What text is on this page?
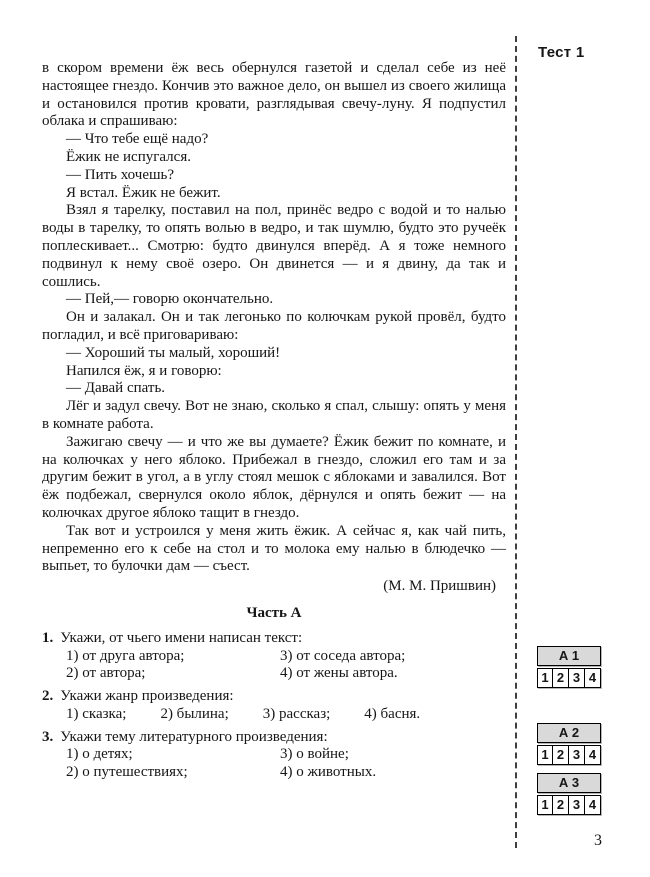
Тест 1

в скором времени ёж весь обернулся газетой и сделал себе из неё настоящее гнездо. Кончив это важное дело, он вышел из своего жилища и остановился против кровати, разглядывая свечу-луну. Я подпустил облака и спрашиваю:

— Что тебе ещё надо?

Ёжик не испугался.

— Пить хочешь?

Я встал. Ёжик не бежит.

Взял я тарелку, поставил на пол, принёс ведро с водой и то налью воды в тарелку, то опять волью в ведро, и так шумлю, будто это ручеёк поплескивает... Смотрю: будто двинулся вперёд. А я тоже немного подвинул к нему своё озеро. Он двинется — и я двину, да так и сошлись.

— Пей,— говорю окончательно.

Он и залакал. Он и так легонько по колючкам рукой провёл, будто погладил, и всё приговариваю:

— Хороший ты малый, хороший!

Напился ёж, я и говорю:

— Давай спать.

Лёг и задул свечу. Вот не знаю, сколько я спал, слышу: опять у меня в комнате работа.

Зажигаю свечу — и что же вы думаете? Ёжик бежит по комнате, и на колючках у него яблоко. Прибежал в гнездо, сложил его там и за другим бежит в угол, а в углу стоял мешок с яблоками и завалился. Вот ёж подбежал, свернулся около яблок, дёрнулся и опять бежит — на колючках другое яблоко тащит в гнездо.

Так вот и устроился у меня жить ёжик. А сейчас я, как чай пить, непременно его к себе на стол и то молока ему налью в блюдечко — выпьет, то булочки дам — съест.

(М. М. Пришвин)

Часть А

1. Укажи, от чьего имени написан текст:

1) от друга автора;	3) от соседа автора;
2) от автора;	4) от жены автора.

2. Укажи жанр произведения:

1) сказка; 2) былина; 3) рассказ; 4) басня.

3. Укажи тему литературного произведения:

1) о детях;	3) о войне;
2) о путешествиях;	4) о животных.
А 1
1 2 3 4
А 2
1 2 3 4
А 3
1 2 3 4
3
